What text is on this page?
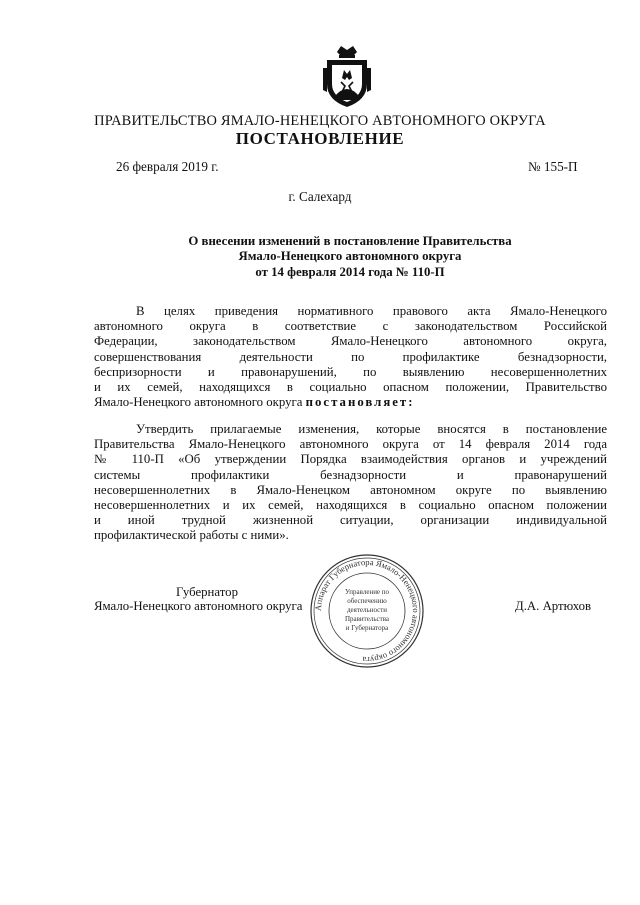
ПРАВИТЕЛЬСТВО ЯМАЛО-НЕНЕЦКОГО АВТОНОМНОГО ОКРУГА
ПОСТАНОВЛЕНИЕ
26 февраля 2019 г.	№ 155-П
г. Салехард
О внесении изменений в постановление Правительства
Ямало-Ненецкого автономного округа
от 14 февраля 2014 года № 110-П
В целях приведения нормативного правового акта Ямало-Ненецкого
автономного округа в соответствие с законодательством Российской
Федерации, законодательством Ямало-Ненецкого автономного округа,
совершенствования деятельности по профилактике безнадзорности,
беспризорности и правонарушений, по выявлению несовершеннолетних
и их семей, находящихся в социально опасном положении, Правительство
Ямало-Ненецкого автономного округа постановляет:
Утвердить прилагаемые изменения, которые вносятся в постановление
Правительства Ямало-Ненецкого автономного округа от 14 февраля 2014 года
№ 110-П «Об утверждении Порядка взаимодействия органов и учреждений
системы профилактики безнадзорности и правонарушений
несовершеннолетних в Ямало-Ненецком автономном округе по выявлению
несовершеннолетних и их семей, находящихся в социально опасном положении
и иной трудной жизненной ситуации, организации индивидуальной
профилактической работы с ними».
Губернатор
Ямало-Ненецкого автономного округа	Д.А. Артюхов
Аппарат Губернатора Ямало-Ненецкого автономного округа
Управление по
обеспечению
деятельности
Правительства
и Губернатора
